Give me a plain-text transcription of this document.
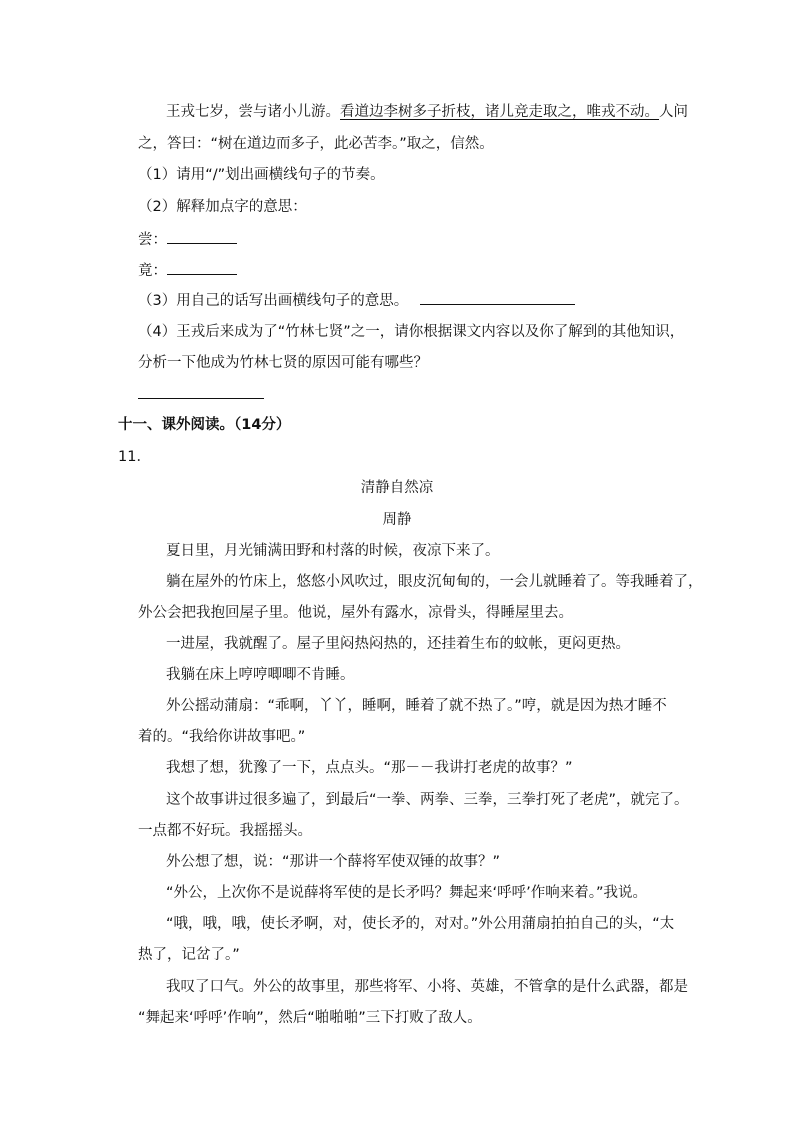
王戎七岁，尝与诸小儿游。看道边李树多子折枝，诸儿竞走取之，唯戎不动。人问
之，答曰：“树在道边而多子，此必苦李。”取之，信然。
（1）请用“/”划出画横线句子的节奏。
（2）解释加点字的意思：
尝：
竟：
（3）用自己的话写出画横线句子的意思。
（4）王戎后来成为了“竹林七贤”之一，请你根据课文内容以及你了解到的其他知识，
分析一下他成为竹林七贤的原因可能有哪些？
十一、课外阅读。（14分）
11．
清静自然凉
周静
夏日里，月光铺满田野和村落的时候，夜凉下来了。
躺在屋外的竹床上，悠悠小风吹过，眼皮沉甸甸的，一会儿就睡着了。等我睡着了，
外公会把我抱回屋子里。他说，屋外有露水，凉骨头，得睡屋里去。
一进屋，我就醒了。屋子里闷热闷热的，还挂着生布的蚊帐，更闷更热。
我躺在床上哼哼唧唧不肯睡。
外公摇动蒲扇：“乖啊，丫丫，睡啊，睡着了就不热了。”哼，就是因为热才睡不
着的。“我给你讲故事吧。”
我想了想，犹豫了一下，点点头。“那－－我讲打老虎的故事？”
这个故事讲过很多遍了，到最后“一拳、两拳、三拳，三拳打死了老虎”，就完了。
一点都不好玩。我摇摇头。
外公想了想，说：“那讲一个薛将军使双锤的故事？”
“外公，上次你不是说薛将军使的是长矛吗？舞起来‘呼呼’作响来着。”我说。
“哦，哦，哦，使长矛啊，对，使长矛的，对对。”外公用蒲扇拍拍自己的头，“太
热了，记岔了。”
我叹了口气。外公的故事里，那些将军、小将、英雄，不管拿的是什么武器，都是
“舞起来‘呼呼’作响”，然后“啪啪啪”三下打败了敌人。
